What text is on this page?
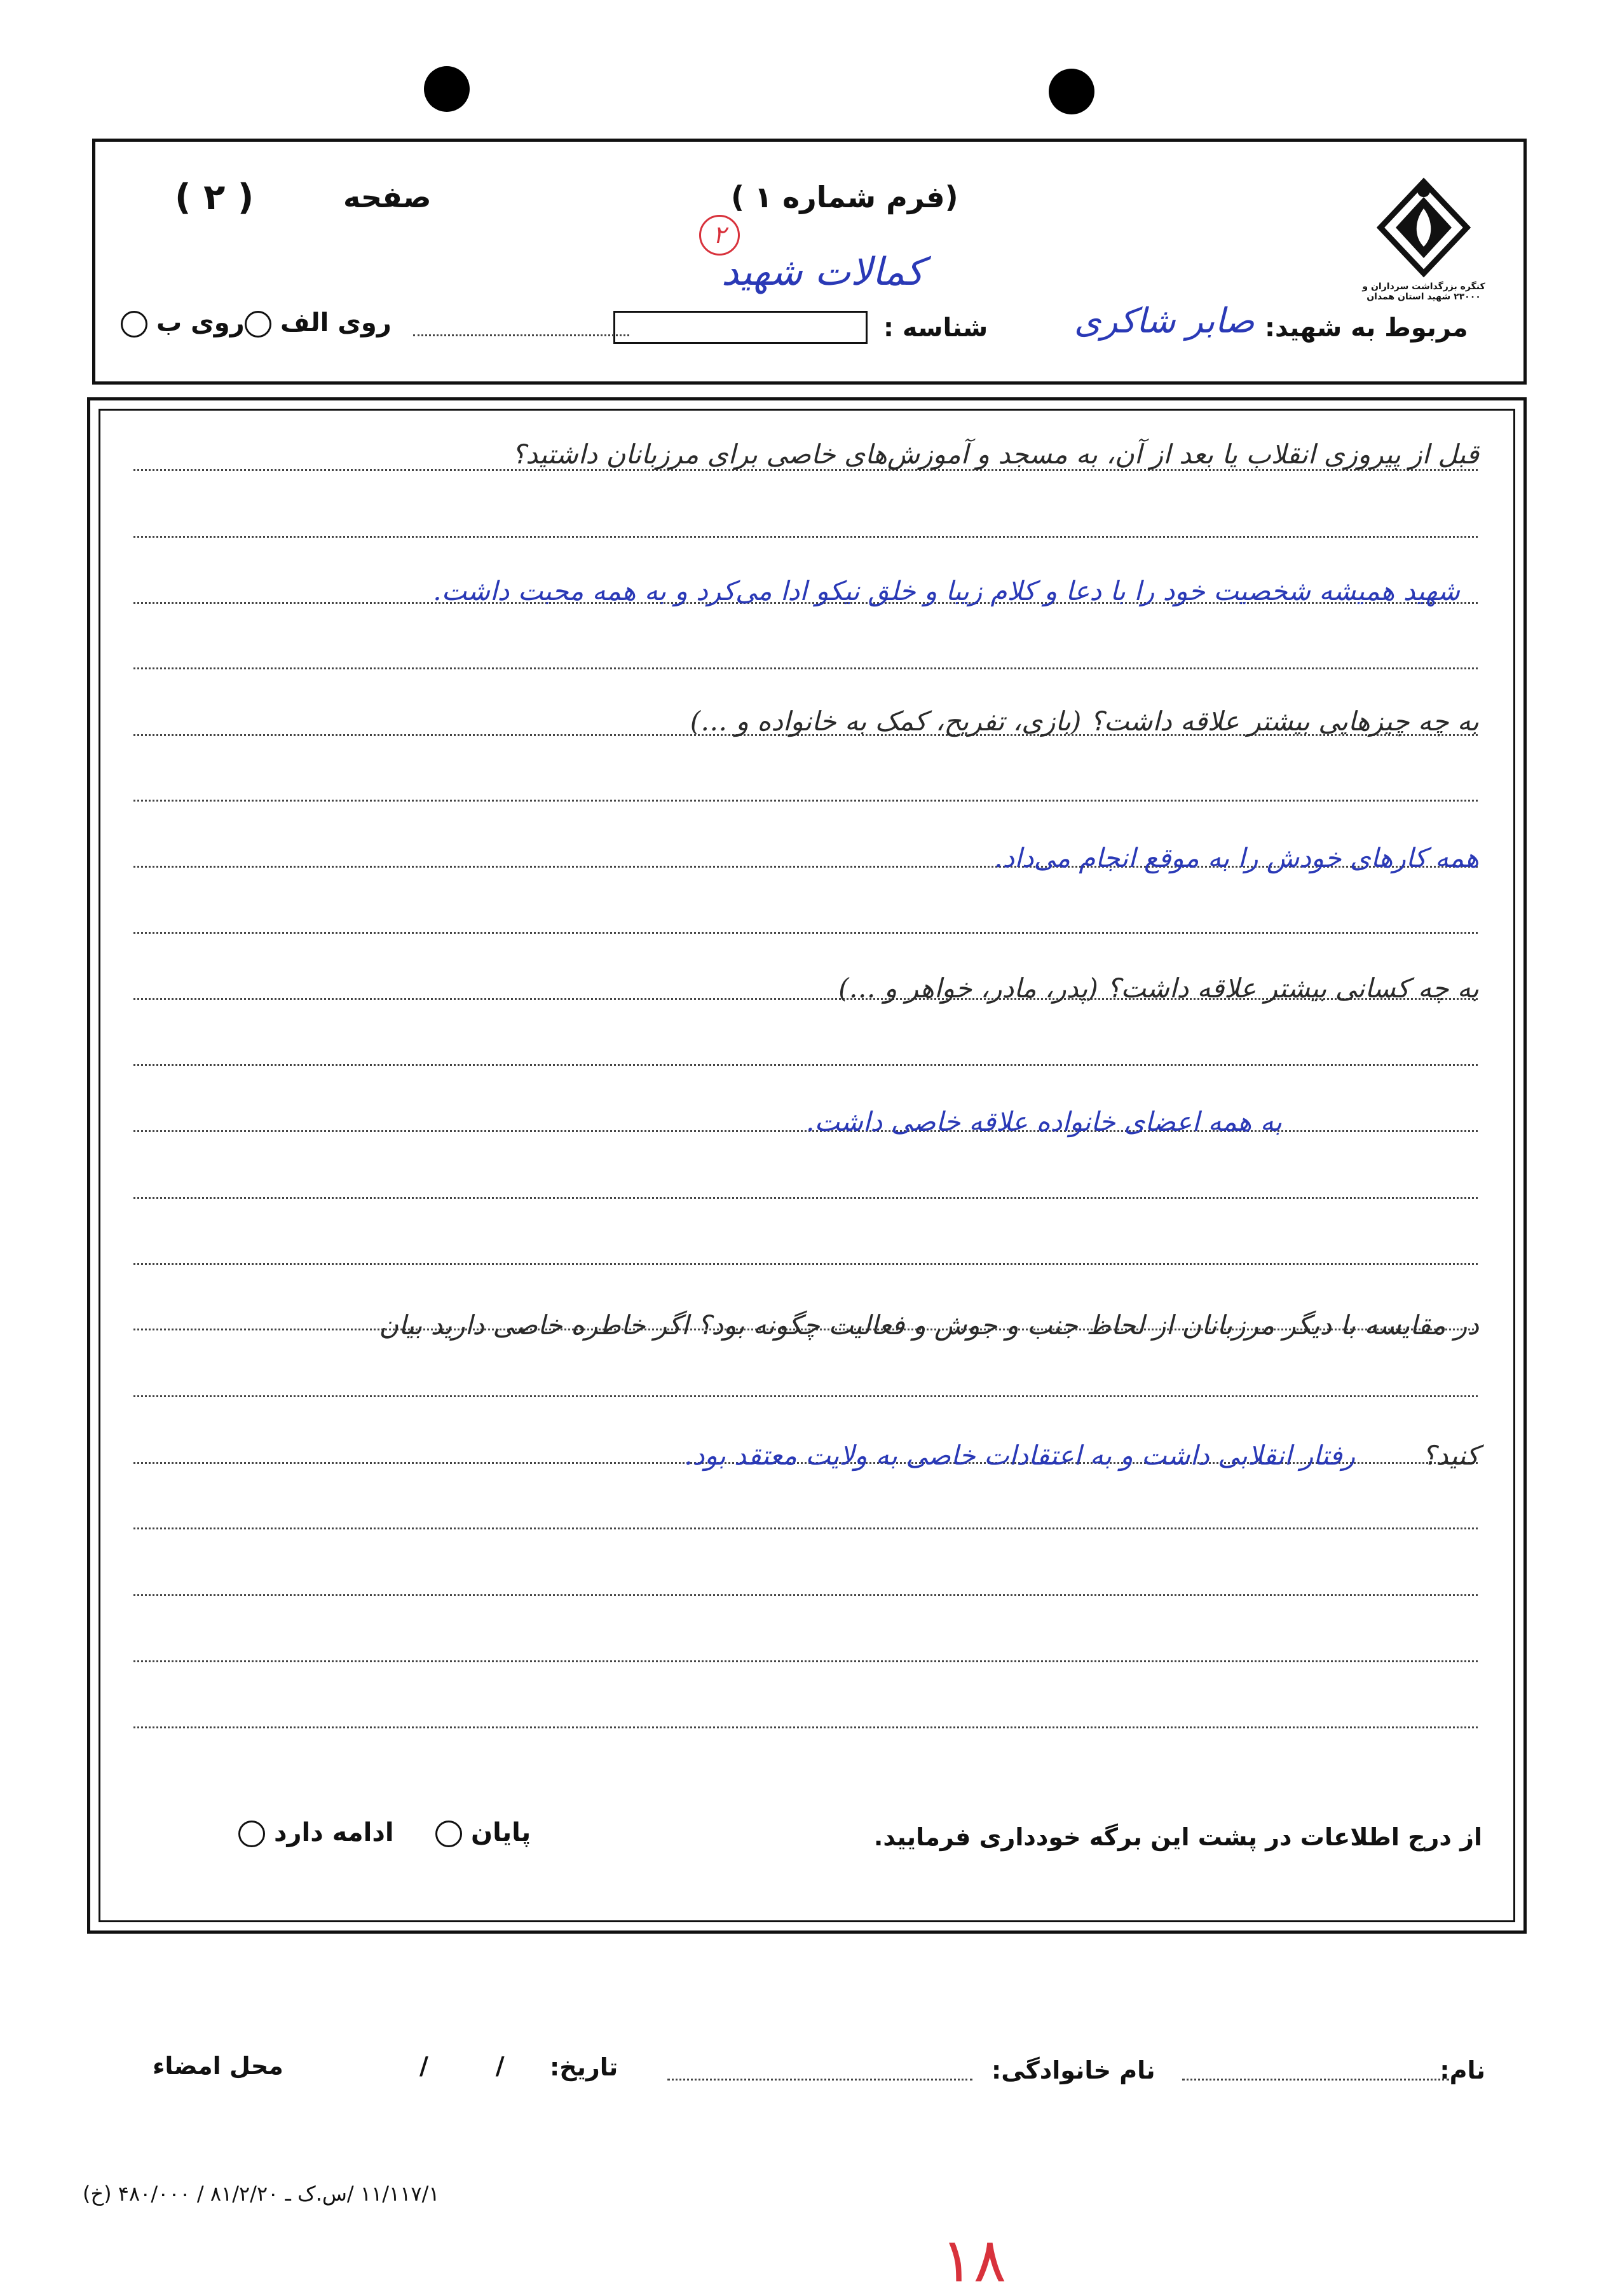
صفحه
( ۲ )	(فرم شماره ۱ )
۲
کمالات شهید	کنگره بزرگداشت سرداران و ۲۳۰۰۰ شهید استان همدان
مربوط به شهید:
صابر شاکری
شناسه :
روی الف
روی ب
قبل از پیروزی انقلاب یا بعد از آن، به مسجد و آموزش‌های خاصی برای مرزبانان داشتید؟
شهید همیشه شخصیت خود را با دعا و کلام زیبا و خلق نیکو ادا می‌کرد و به همه محبت داشت.
به چه چیزهایی بیشتر علاقه داشت؟ (بازی، تفریح، کمک به خانواده و …)
همه کارهای خودش را به موقع انجام می‌داد.
به چه کسانی بیشتر علاقه داشت؟ (پدر، مادر، خواهر و …)
به همه اعضای خانواده علاقه خاصی داشت.
در مقایسه با دیگر مرزبانان از لحاظ جنب و جوش و فعالیت چگونه بود؟ اگر خاطره خاصی دارید بیان
کنید؟
رفتار انقلابی داشت و به اعتقادات خاصی به ولایت معتقد بود.
از درج اطلاعات در پشت این برگه خودداری فرمایید.
پایان
ادامه دارد
نام:
نام خانوادگی:
تاریخ:
/        /
محل امضاء
۱۱/۱۱۷/۱ /س.ک ـ ۸۱/۲/۲۰ / ۴۸۰/۰۰۰ (خ)
۱۸
